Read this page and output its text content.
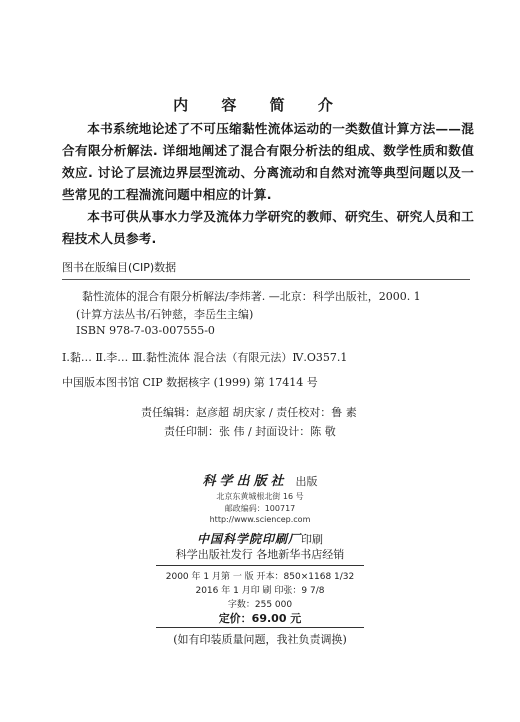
内 容 简 介

本书系统地论述了不可压缩黏性流体运动的一类数值计算方法——混合有限分析解法. 详细地阐述了混合有限分析法的组成、数学性质和数值效应. 讨论了层流边界层型流动、分离流动和自然对流等典型问题以及一些常见的工程湍流问题中相应的计算.

本书可供从事水力学及流体力学研究的教师、研究生、研究人员和工程技术人员参考.

图书在版编目(CIP)数据
黏性流体的混合有限分析解法/李炜著. —北京：科学出版社，2000. 1
(计算方法丛书/石钟慈，李岳生主编)
ISBN 978-7-03-007555-0
Ⅰ.黏… Ⅱ.李… Ⅲ.黏性流体 混合法（有限元法）Ⅳ.O357.1
中国版本图书馆 CIP 数据核字 (1999) 第 17414 号
责任编辑：赵彦超 胡庆家 / 责任校对：鲁 素
责任印制：张 伟 / 封面设计：陈 敬
科学出版社 出版
北京东黄城根北街 16 号
邮政编码：100717
http://www.sciencep.com
中国科学院印刷厂印刷
科学出版社发行 各地新华书店经销
2000 年 1 月第 一 版 开本：850×1168 1/32
2016 年 1 月印 刷 印张：9 7/8
字数：255 000
定价：69.00 元
(如有印装质量问题，我社负责调换)
